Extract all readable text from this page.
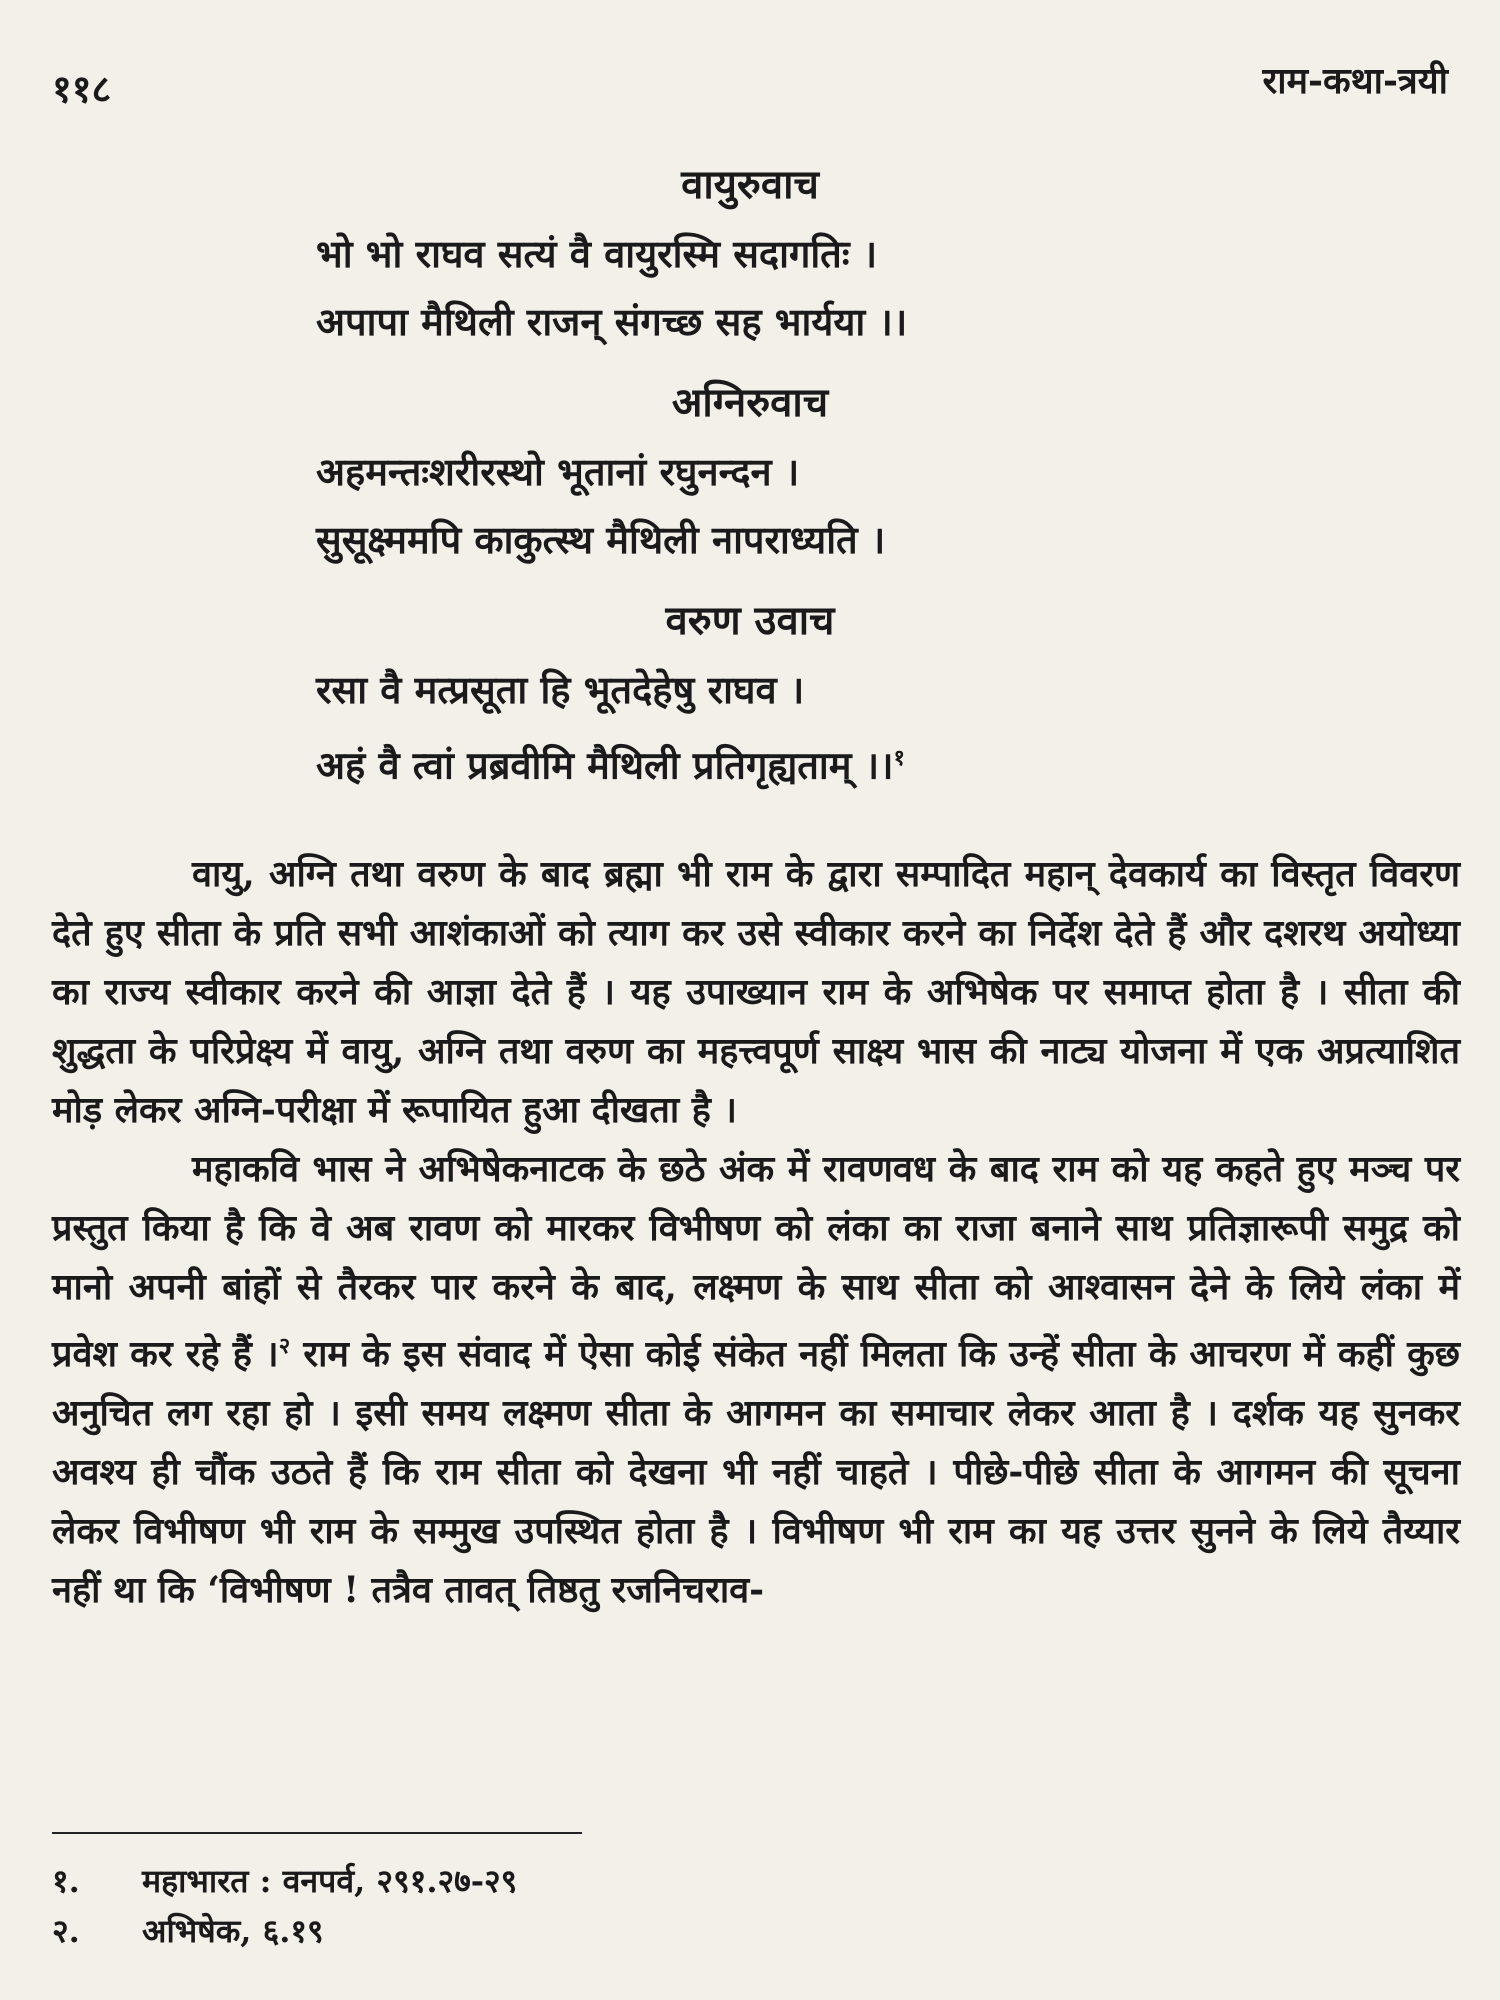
११८	राम-कथा-त्रयी

वायुरुवाच

भो भो राघव सत्यं वै वायुरस्मि सदागतिः ।

अपापा मैथिली राजन् संगच्छ सह भार्यया ।।

अग्निरुवाच

अहमन्तःशरीरस्थो भूतानां रघुनन्दन ।

सुसूक्ष्ममपि काकुत्स्थ मैथिली नापराध्यति ।

वरुण उवाच

रसा वै मत्प्रसूता हि भूतदेहेषु राघव ।

अहं वै त्वां प्रब्रवीमि मैथिली प्रतिगृह्यताम् ।।$^१$

वायु, अग्नि तथा वरुण के बाद ब्रह्मा भी राम के द्वारा सम्पादित महान् देवकार्य का विस्तृत विवरण देते हुए सीता के प्रति सभी आशंकाओं को त्याग कर उसे स्वीकार करने का निर्देश देते हैं और दशरथ अयोध्या का राज्य स्वीकार करने की आज्ञा देते हैं । यह उपाख्यान राम के अभिषेक पर समाप्त होता है । सीता की शुद्धता के परिप्रेक्ष्य में वायु, अग्नि तथा वरुण का महत्त्वपूर्ण साक्ष्य भास की नाट्य योजना में एक अप्रत्याशित मोड़ लेकर अग्नि-परीक्षा में रूपायित हुआ दीखता है ।

महाकवि भास ने अभिषेकनाटक के छठे अंक में रावणवध के बाद राम को यह कहते हुए मञ्च पर प्रस्तुत किया है कि वे अब रावण को मारकर विभीषण को लंका का राजा बनाने साथ प्रतिज्ञारूपी समुद्र को मानो अपनी बांहों से तैरकर पार करने के बाद, लक्ष्मण के साथ सीता को आश्वासन देने के लिये लंका में प्रवेश कर रहे हैं ।$^२$ राम के इस संवाद में ऐसा कोई संकेत नहीं मिलता कि उन्हें सीता के आचरण में कहीं कुछ अनुचित लग रहा हो । इसी समय लक्ष्मण सीता के आगमन का समाचार लेकर आता है । दर्शक यह सुनकर अवश्य ही चौंक उठते हैं कि राम सीता को देखना भी नहीं चाहते । पीछे-पीछे सीता के आगमन की सूचना लेकर विभीषण भी राम के सम्मुख उपस्थित होता है । विभीषण भी राम का यह उत्तर सुनने के लिये तैय्यार नहीं था कि ‘विभीषण ! तत्रैव तावत् तिष्ठतु रजनिचराव-

१. महाभारत : वनपर्व, २९१.२७-२९
२. अभिषेक, ६.१९
